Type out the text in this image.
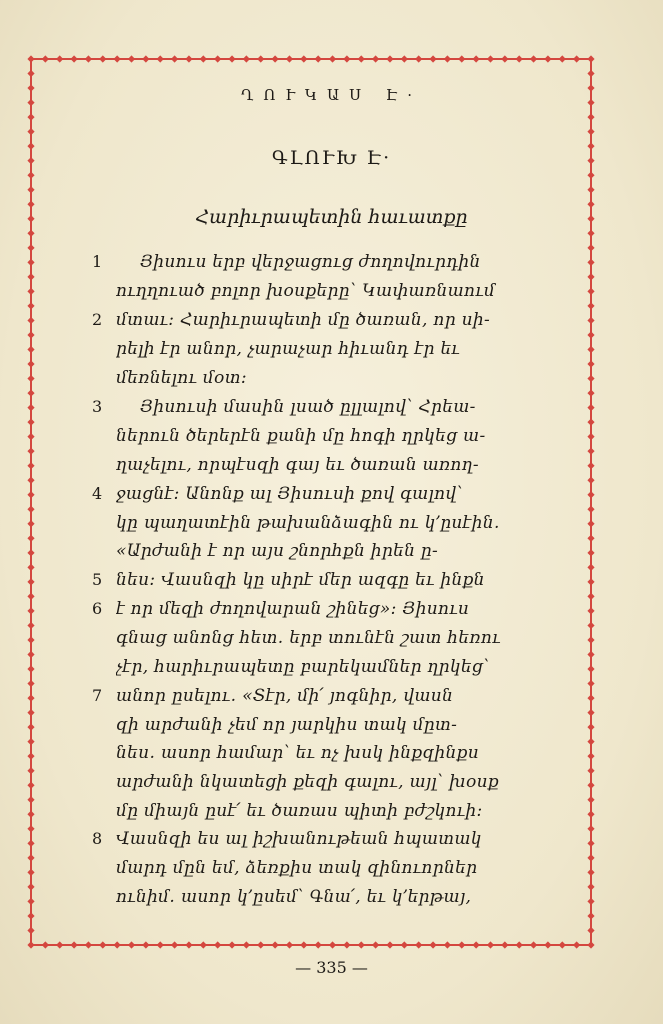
ՂՈՒԿԱՍ Է·
ԳԼՈՒԽ Է·
Հարիւրապետին հաւատքը
1
2
3
4
5
6
7
8
Յիսուս երբ վերջացուց ժողովուրդին
ուղղուած բոլոր խօսքերը՝ Կափառնաում
մտաւ։ Հարիւրապետի մը ծառան, որ սի-
րելի էր անոր, չարաչար հիւանդ էր եւ
մեռնելու մօտ։
Յիսուսի մասին լսած ըլլալով՝ Հրեա-
ներուն ծերերէն քանի մը հոգի ղրկեց ա-
ղաչելու, որպէսզի գայ եւ ծառան առող-
ջացնէ։ Անոնք ալ Յիսուսի քով գալով՝
կը պաղատէին թախանձագին ու կ՚ըսէին․
«Արժանի է որ այս շնորհքն իրեն ը-
նես։ Վասնզի կը սիրէ մեր ազգը եւ ինքն
է որ մեզի ժողովարան շինեց»։ Յիսուս
գնաց անոնց հետ․ երբ տունէն շատ հեռու
չէր, հարիւրապետը բարեկամներ ղրկեց՝
անոր ըսելու․ «Տէր, մի՛ յոգնիր, վասն
զի արժանի չեմ որ յարկիս տակ մըտ-
նես․ ասոր համար՝ եւ ոչ խսկ ինքզինքս
արժանի նկատեցի քեզի գալու, այլ՝ խօսք
մը միայն ըսէ՛ եւ ծառաս պիտի բժշկուի։
Վասնզի ես ալ իշխանութեան հպատակ
մարդ մըն եմ, ձեռքիս տակ զինուորներ
ունիմ․ ասոր կ՚ըսեմ՝ Գնա՛, եւ կ՚երթայ,
— 335 —
